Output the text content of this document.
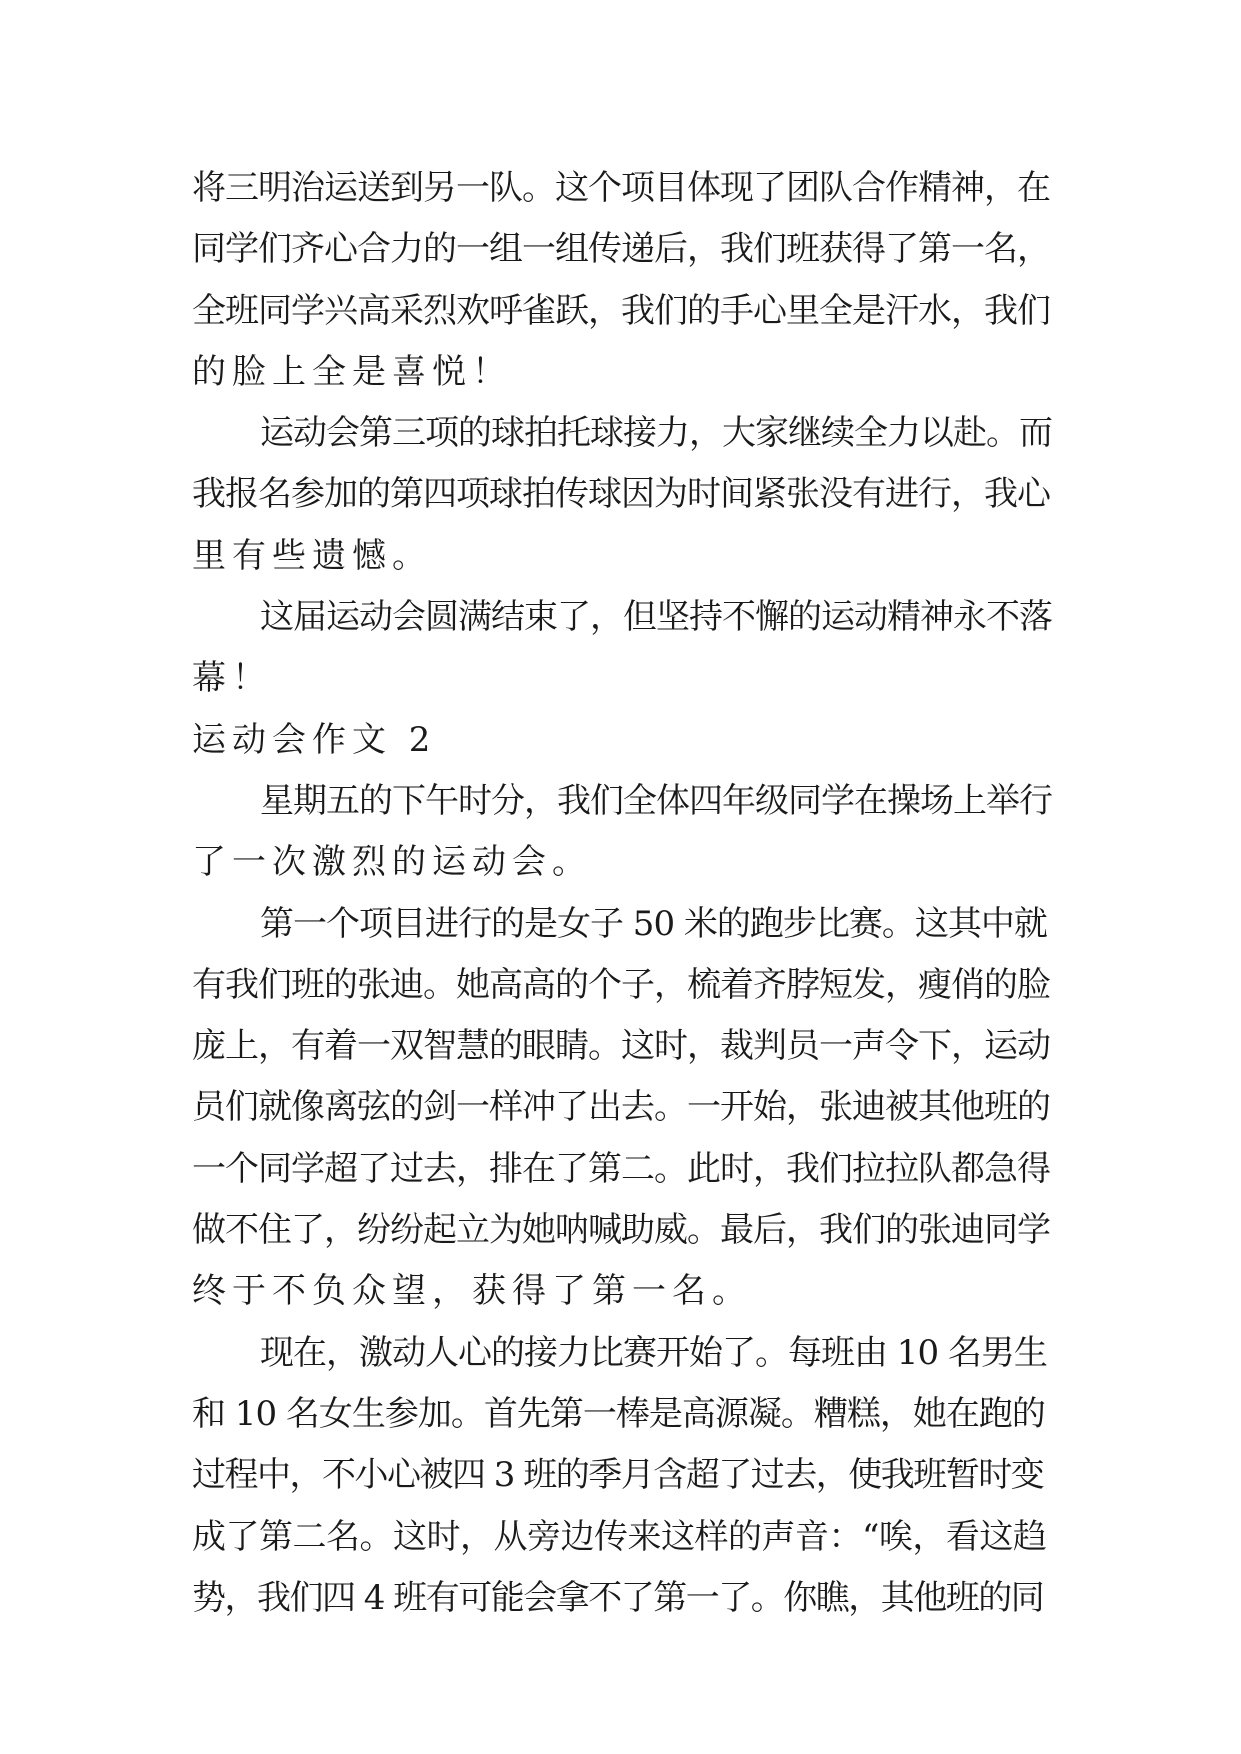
将三明治运送到另一队。这个项目体现了团队合作精神，在
同学们齐心合力的一组一组传递后，我们班获得了第一名，
全班同学兴高采烈欢呼雀跃，我们的手心里全是汗水，我们
的脸上全是喜悦！
运动会第三项的球拍托球接力，大家继续全力以赴。而
我报名参加的第四项球拍传球因为时间紧张没有进行，我心
里有些遗憾。
这届运动会圆满结束了，但坚持不懈的运动精神永不落
幕！
运动会作文 2
星期五的下午时分，我们全体四年级同学在操场上举行
了一次激烈的运动会。
第一个项目进行的是女子 50 米的跑步比赛。这其中就
有我们班的张迪。她高高的个子，梳着齐脖短发，瘦俏的脸
庞上，有着一双智慧的眼睛。这时，裁判员一声令下，运动
员们就像离弦的剑一样冲了出去。一开始，张迪被其他班的
一个同学超了过去，排在了第二。此时，我们拉拉队都急得
做不住了，纷纷起立为她呐喊助威。最后，我们的张迪同学
终于不负众望，获得了第一名。
现在，激动人心的接力比赛开始了。每班由 10 名男生
和 10 名女生参加。首先第一棒是高源凝。糟糕，她在跑的
过程中，不小心被四 3 班的季月含超了过去，使我班暂时变
成了第二名。这时，从旁边传来这样的声音：“唉，看这趋
势，我们四 4 班有可能会拿不了第一了。你瞧，其他班的同
